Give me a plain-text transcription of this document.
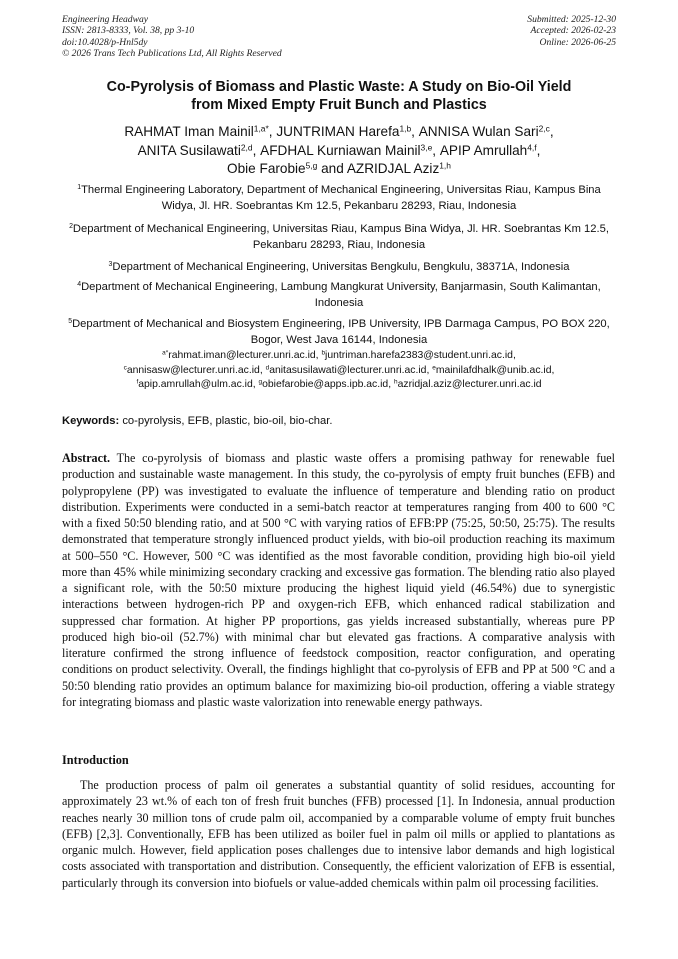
Engineering Headway
ISSN: 2813-8333, Vol. 38, pp 3-10
doi:10.4028/p-Hnl5dy
© 2026 Trans Tech Publications Ltd, All Rights Reserved
Submitted: 2025-12-30
Accepted: 2026-02-23
Online: 2026-06-25
Co-Pyrolysis of Biomass and Plastic Waste: A Study on Bio-Oil Yield
from Mixed Empty Fruit Bunch and Plastics
RAHMAT Iman Mainil$^{1,a*}$, JUNTRIMAN Harefa$^{1,b}$, ANNISA Wulan Sari$^{2,c}$,
ANITA Susilawati$^{2,d}$, AFDHAL Kurniawan Mainil$^{3,e}$, APIP Amrullah$^{4,f}$,
Obie Farobie$^{5,g}$ and AZRIDJAL Aziz$^{1,h}$
$^1$Thermal Engineering Laboratory, Department of Mechanical Engineering, Universitas Riau, Kampus Bina Widya, Jl. HR. Soebrantas Km 12.5, Pekanbaru 28293, Riau, Indonesia
$^2$Department of Mechanical Engineering, Universitas Riau, Kampus Bina Widya, Jl. HR. Soebrantas Km 12.5, Pekanbaru 28293, Riau, Indonesia
$^3$Department of Mechanical Engineering, Universitas Bengkulu, Bengkulu, 38371A, Indonesia
$^4$Department of Mechanical Engineering, Lambung Mangkurat University, Banjarmasin, South Kalimantan, Indonesia
$^5$Department of Mechanical and Biosystem Engineering, IPB University, IPB Darmaga Campus, PO BOX 220, Bogor, West Java 16144, Indonesia
$^{a*}$rahmat.iman@lecturer.unri.ac.id, $^b$juntriman.harefa2383@student.unri.ac.id,
$^c$annisasw@lecturer.unri.ac.id, $^d$anitasusilawati@lecturer.unri.ac.id, $^e$mainilafdhalk@unib.ac.id,
$^f$apip.amrullah@ulm.ac.id, $^g$obiefarobie@apps.ipb.ac.id, $^h$azridjal.aziz@lecturer.unri.ac.id
Keywords: co-pyrolysis, EFB, plastic, bio-oil, bio-char.
Abstract. The co-pyrolysis of biomass and plastic waste offers a promising pathway for renewable fuel production and sustainable waste management. In this study, the co-pyrolysis of empty fruit bunches (EFB) and polypropylene (PP) was investigated to evaluate the influence of temperature and blending ratio on product distribution. Experiments were conducted in a semi-batch reactor at temperatures ranging from 400 to 600 °C with a fixed 50:50 blending ratio, and at 500 °C with varying ratios of EFB:PP (75:25, 50:50, 25:75). The results demonstrated that temperature strongly influenced product yields, with bio-oil production reaching its maximum at 500–550 °C. However, 500 °C was identified as the most favorable condition, providing high bio-oil yield more than 45% while minimizing secondary cracking and excessive gas formation. The blending ratio also played a significant role, with the 50:50 mixture producing the highest liquid yield (46.54%) due to synergistic interactions between hydrogen-rich PP and oxygen-rich EFB, which enhanced radical stabilization and suppressed char formation. At higher PP proportions, gas yields increased substantially, whereas pure PP produced high bio-oil (52.7%) with minimal char but elevated gas fractions. A comparative analysis with literature confirmed the strong influence of feedstock composition, reactor configuration, and operating conditions on product selectivity. Overall, the findings highlight that co-pyrolysis of EFB and PP at 500 °C and a 50:50 blending ratio provides an optimum balance for maximizing bio-oil production, offering a viable strategy for integrating biomass and plastic waste valorization into renewable energy pathways.
Introduction
The production process of palm oil generates a substantial quantity of solid residues, accounting for approximately 23 wt.% of each ton of fresh fruit bunches (FFB) processed [1]. In Indonesia, annual production reaches nearly 30 million tons of crude palm oil, accompanied by a comparable volume of empty fruit bunches (EFB) [2,3]. Conventionally, EFB has been utilized as boiler fuel in palm oil mills or applied to plantations as organic mulch. However, field application poses challenges due to intensive labor demands and high logistical costs associated with transportation and distribution. Consequently, the efficient valorization of EFB is essential, particularly through its conversion into biofuels or value-added chemicals within palm oil processing facilities.
